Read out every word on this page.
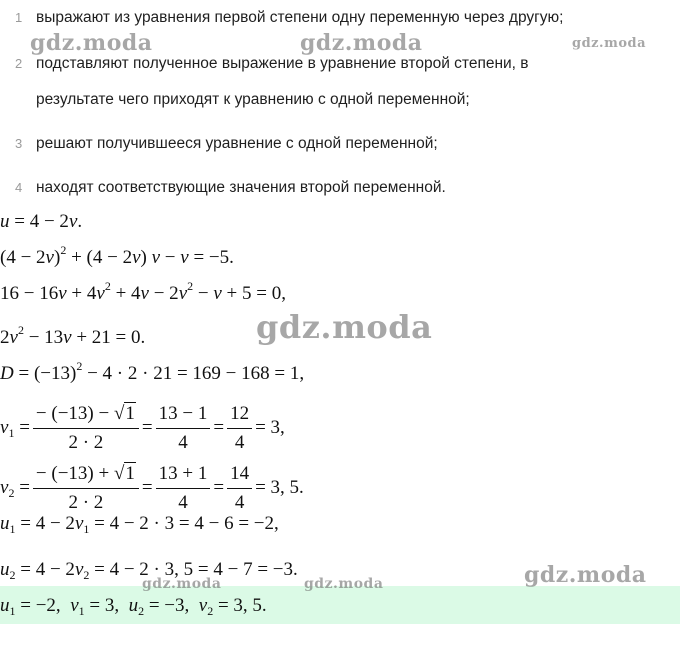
1 выражают из уравнения первой степени одну переменную через другую;
2 подставляют полученное выражение в уравнение второй степени, в
результате чего приходят к уравнению с одной переменной;
3 решают получившееся уравнение с одной переменной;
4 находят соответствующие значения второй переменной.
u = 4 − 2v.
$(4 - 2v)^2 + (4 - 2v)$ v − v = −5.
$16 - 16v + 4v^2 + 4v - 2v^2 - v + 5 = 0$,
$2v^2 - 13v + 21 = 0$.
$D = (-13)^2 - 4 \cdot 2 \cdot 21 = 169 - 168 = 1$,
$v_1 = \frac{- (-13) - √1}{2 \cdot 2} = \frac{13 - 1}{4} = \frac{12}{4} = 3$,
$v_2 = \frac{- (-13) + √1}{2 \cdot 2} = \frac{13 + 1}{4} = \frac{14}{4} = 3$, 5.
$u_1 = 4 - 2v_1 = 4 - 2 \cdot 3 = 4 - 6 = -2$,
$u_2 = 4 - 2v_2 = 4 - 2 \cdot 3$, 5 = 4 − 7 = −3.
$u_1 = -2$,  $v_1 = 3$,  $u_2 = -3$,  $v_2 = 3$, 5.
gdz.moda	gdz.moda	gdz.moda
gdz.moda
gdz.moda
gdz.moda	gdz.moda
